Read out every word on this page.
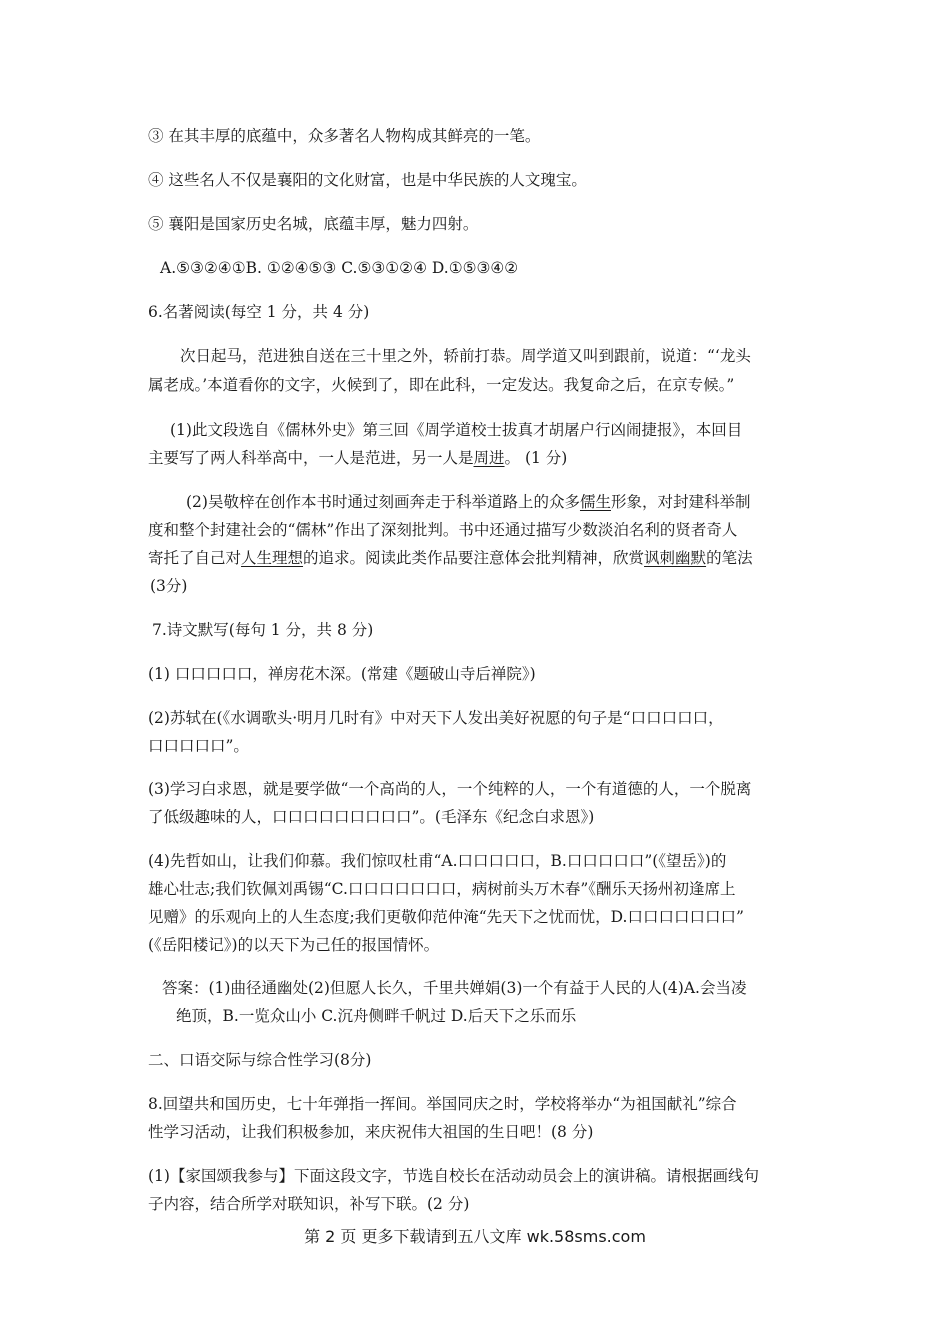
③ 在其丰厚的底蕴中，众多著名人物构成其鲜亮的一笔。
④ 这些名人不仅是襄阳的文化财富，也是中华民族的人文瑰宝。
⑤ 襄阳是国家历史名城，底蕴丰厚，魅力四射。
A.⑤③②④①B. ①②④⑤③ C.⑤③①②④ D.①⑤③④②
6.名著阅读(每空 1 分，共 4 分)
次日起马，范进独自送在三十里之外，轿前打恭。周学道又叫到跟前，说道：“‘龙头
属老成。’本道看你的文字，火候到了，即在此科，一定发达。我复命之后，在京专候。”
(1)此文段选自《儒林外史》第三回《周学道校士拔真才胡屠户行凶闹捷报》，本回目
主要写了两人科举高中，一人是范进，另一人是周进。 (1 分)
(2)吴敬梓在创作本书时通过刻画奔走于科举道路上的众多儒生形象，对封建科举制
度和整个封建社会的“儒林”作出了深刻批判。书中还通过描写少数淡泊名利的贤者奇人
寄托了自己对人生理想的追求。阅读此类作品要注意体会批判精神，欣赏讽刺幽默的笔法
(3分)
7.诗文默写(每句 1 分，共 8 分)
(1) 口口口口口，禅房花木深。(常建《题破山寺后禅院》)
(2)苏轼在(《水调歌头·明月几时有》中对天下人发出美好祝愿的句子是“口口口口口，
口口口口口”。
(3)学习白求恩，就是要学做“一个高尚的人，一个纯粹的人，一个有道德的人，一个脱离
了低级趣味的人，口口口口口口口口口”。(毛泽东《纪念白求恩》)
(4)先哲如山，让我们仰慕。我们惊叹杜甫“A.口口口口口，B.口口口口口”(《望岳》)的
雄心壮志;我们钦佩刘禹锡“C.口口口口口口口，病树前头万木春”《酬乐天扬州初逢席上
见赠》的乐观向上的人生态度;我们更敬仰范仲淹“先天下之忧而忧，D.口口口口口口口”
(《岳阳楼记》)的以天下为己任的报国情怀。
答案：(1)曲径通幽处(2)但愿人长久，千里共婵娟(3)一个有益于人民的人(4)A.会当凌
绝顶，B.一览众山小 C.沉舟侧畔千帆过 D.后天下之乐而乐
二、口语交际与综合性学习(8分)
8.回望共和国历史，七十年弹指一挥间。举国同庆之时，学校将举办“为祖国献礼”综合
性学习活动，让我们积极参加，来庆祝伟大祖国的生日吧！(8 分)
(1)【家国颂我参与】下面这段文字，节选自校长在活动动员会上的演讲稿。请根据画线句
子内容，结合所学对联知识，补写下联。(2 分)
第 2 页 更多下载请到五八文库 wk.58sms.com
